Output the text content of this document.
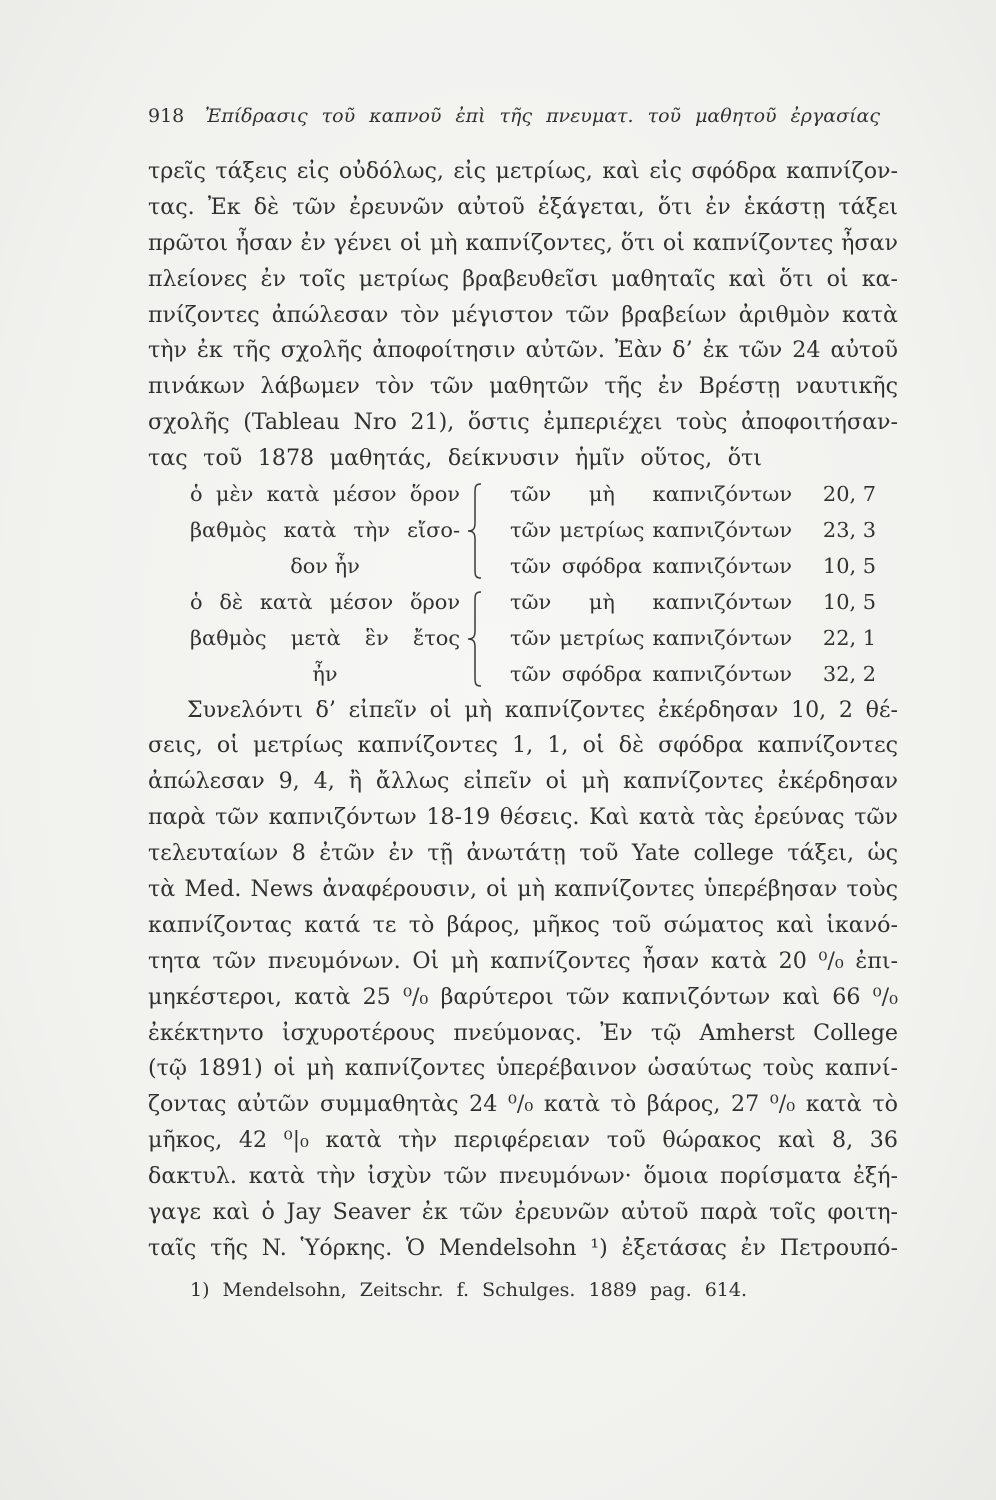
918 Ἐπίδρασις τοῦ καπνοῦ ἐπὶ τῆς πνευματ. τοῦ μαθητοῦ ἐργασίας
τρεῖς τάξεις εἰς οὐδόλως, εἰς μετρίως, καὶ εἰς σφόδρα καπνίζον-
τας. Ἐκ δὲ τῶν ἐρευνῶν αὐτοῦ ἐξάγεται, ὅτι ἐν ἑκάστῃ τάξει
πρῶτοι ἦσαν ἐν γένει οἱ μὴ καπνίζοντες, ὅτι οἱ καπνίζοντες ἦσαν
πλείονες ἐν τοῖς μετρίως βραβευθεῖσι μαθηταῖς καὶ ὅτι οἱ κα-
πνίζοντες ἀπώλεσαν τὸν μέγιστον τῶν βραβείων ἀριθμὸν κατὰ
τὴν ἐκ τῆς σχολῆς ἀποφοίτησιν αὐτῶν. Ἐὰν δ’ ἐκ τῶν 24 αὐτοῦ
πινάκων λάβωμεν τὸν τῶν μαθητῶν τῆς ἐν Βρέστῃ ναυτικῆς
σχολῆς (Tableau Nro 21), ὅστις ἐμπεριέχει τοὺς ἀποφοιτήσαν-
τας τοῦ 1878 μαθητάς, δείκνυσιν ἡμῖν οὕτος, ὅτι
ὁ μὲν κατὰ μέσον ὅρον
βαθμὸς κατὰ τὴν εἴσο-
δον ἦν
τῶν μὴ καπνιζόντων	20, 7
τῶν μετρίως καπνιζόντων	23, 3
τῶν σφόδρα καπνιζόντων	10, 5
ὁ δὲ κατὰ μέσον ὅρον
βαθμὸς μετὰ ἓν ἔτος
ἦν
τῶν μὴ καπνιζόντων	10, 5
τῶν μετρίως καπνιζόντων	22, 1
τῶν σφόδρα καπνιζόντων	32, 2
Συνελόντι δ’ εἰπεῖν οἱ μὴ καπνίζοντες ἐκέρδησαν 10, 2 θέ-
σεις, οἱ μετρίως καπνίζοντες 1, 1, οἱ δὲ σφόδρα καπνίζοντες
ἀπώλεσαν 9, 4, ἢ ἄλλως εἰπεῖν οἱ μὴ καπνίζοντες ἐκέρδησαν
παρὰ τῶν καπνιζόντων 18-19 θέσεις. Καὶ κατὰ τὰς ἐρεύνας τῶν
τελευταίων 8 ἐτῶν ἐν τῇ ἀνωτάτῃ τοῦ Yate college τάξει, ὡς
τὰ Med. News ἀναφέρουσιν, οἱ μὴ καπνίζοντες ὑπερέβησαν τοὺς
καπνίζοντας κατά τε τὸ βάρος, μῆκος τοῦ σώματος καὶ ἱκανό-
τητα τῶν πνευμόνων. Οἱ μὴ καπνίζοντες ἦσαν κατὰ 20 ⁰/₀ ἐπι-
μηκέστεροι, κατὰ 25 ⁰/₀ βαρύτεροι τῶν καπνιζόντων καὶ 66 ⁰/₀
ἐκέκτηντο ἰσχυροτέρους πνεύμονας. Ἐν τῷ Amherst College
(τῷ 1891) οἱ μὴ καπνίζοντες ὑπερέβαινον ὡσαύτως τοὺς καπνί-
ζοντας αὐτῶν συμμαθητὰς 24 ⁰/₀ κατὰ τὸ βάρος, 27 ⁰/₀ κατὰ τὸ
μῆκος, 42 ⁰|₀ κατὰ τὴν περιφέρειαν τοῦ θώρακος καὶ 8, 36
δακτυλ. κατὰ τὴν ἰσχὺν τῶν πνευμόνων· ὅμοια πορίσματα ἐξή-
γαγε καὶ ὁ Jay Seaver ἐκ τῶν ἐρευνῶν αὐτοῦ παρὰ τοῖς φοιτη-
ταῖς τῆς N. Ὑόρκης. Ὁ Mendelsohn ¹) ἐξετάσας ἐν Πετρουπό-
1) Mendelsohn, Zeitschr. f. Schulges. 1889 pag. 614.
